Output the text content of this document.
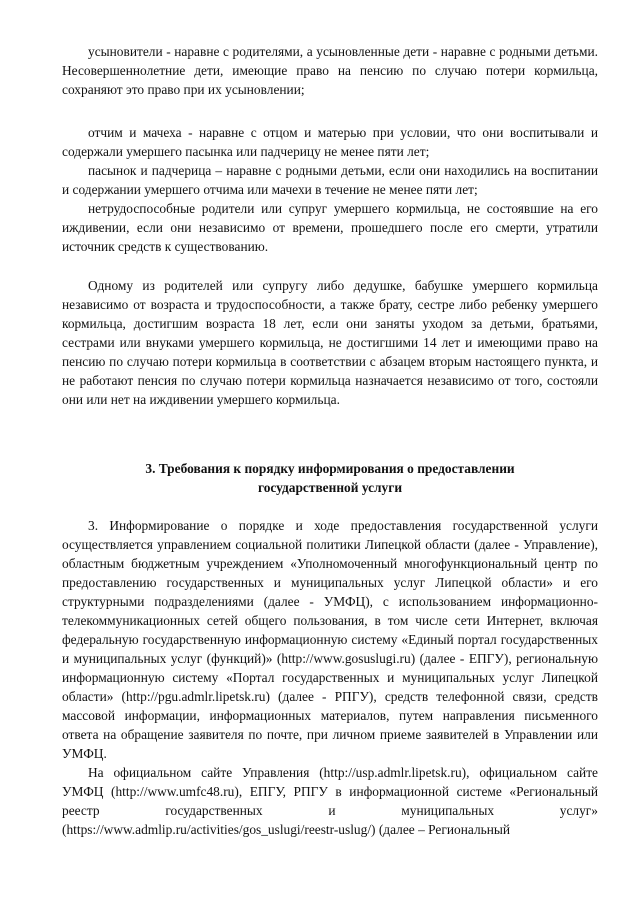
усыновители - наравне с родителями, а усыновленные дети - наравне с родными детьми. Несовершеннолетние дети, имеющие право на пенсию по случаю потери кормильца, сохраняют это право при их усыновлении;

отчим и мачеха - наравне с отцом и матерью при условии, что они воспитывали и содержали умершего пасынка или падчерицу не менее пяти лет;

пасынок и падчерица – наравне с родными детьми, если они находились на воспитании и содержании умершего отчима или мачехи в течение не менее пяти лет;

нетрудоспособные родители или супруг умершего кормильца, не состоявшие на его иждивении, если они независимо от времени, прошедшего после его смерти, утратили источник средств к существованию.

Одному из родителей или супругу либо дедушке, бабушке умершего кормильца независимо от возраста и трудоспособности, а также брату, сестре либо ребенку умершего кормильца, достигшим возраста 18 лет, если они заняты уходом за детьми, братьями, сестрами или внуками умершего кормильца, не достигшими 14 лет и имеющими право на пенсию по случаю потери кормильца в соответствии с абзацем вторым настоящего пункта, и не работают пенсия по случаю потери кормильца назначается независимо от того, состояли они или нет на иждивении умершего кормильца.

3. Требования к порядку информирования о предоставлении
государственной услуги

3. Информирование о порядке и ходе предоставления государственной услуги осуществляется управлением социальной политики Липецкой области (далее - Управление), областным бюджетным учреждением «Уполномоченный многофункциональный центр по предоставлению государственных и муниципальных услуг Липецкой области» и его структурными подразделениями (далее - УМФЦ), с использованием информационно-телекоммуникационных сетей общего пользования, в том числе сети Интернет, включая федеральную государственную информационную систему «Единый портал государственных и муниципальных услуг (функций)» (http://www.gosuslugi.ru) (далее - ЕПГУ), региональную информационную систему «Портал государственных и муниципальных услуг Липецкой области» (http://pgu.admlr.lipetsk.ru) (далее - РПГУ), средств телефонной связи, средств массовой информации, информационных материалов, путем направления письменного ответа на обращение заявителя по почте, при личном приеме заявителей в Управлении или УМФЦ.

На официальном сайте Управления (http://usp.admlr.lipetsk.ru), официальном сайте УМФЦ (http://www.umfc48.ru), ЕПГУ, РПГУ в информационной системе «Региональный реестр государственных и муниципальных услуг» (https://www.admlip.ru/activities/gos_uslugi/reestr-uslug/) (далее – Региональный
